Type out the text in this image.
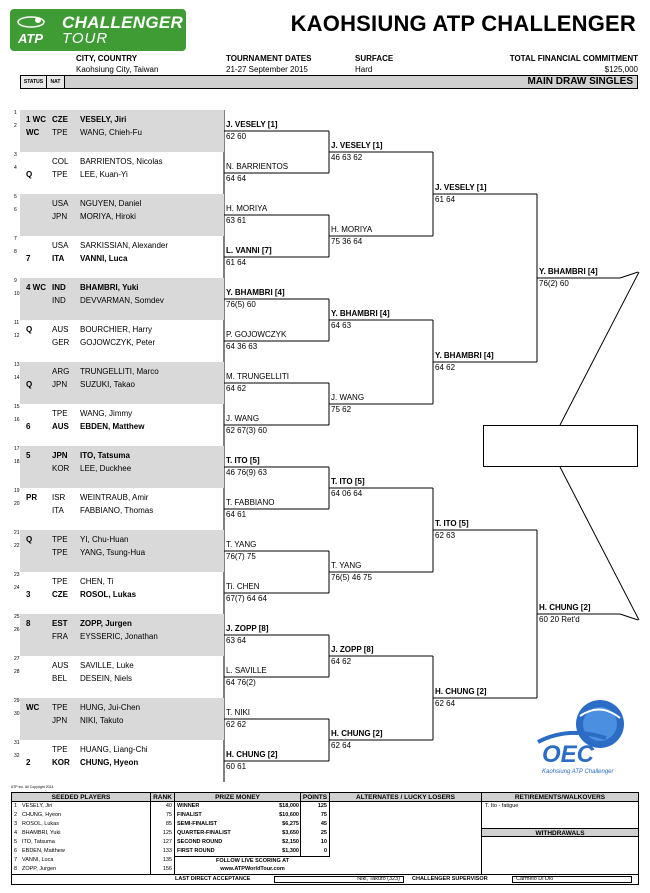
ATP
CHALLENGER
TOUR
KAOHSIUNG ATP CHALLENGER
CITY, COUNTRY
Kaohsiung City, Taiwan
TOURNAMENT DATES
21-27 September 2015
SURFACE
Hard
TOTAL FINANCIAL COMMITMENT
$125,000
STATUS	NAT	MAIN DRAW SINGLES
1
1 WC CZE VESELY, Jiri
2
WC	TPE WANG, Chieh-Fu
3
COL BARRIENTOS, Nicolas
4
Q	TPE LEE, Kuan-Yi
5
USA NGUYEN, Daniel
6
JPN MORIYA, Hiroki
7
USA SARKISSIAN, Alexander
8
7	ITA VANNI, Luca
9
4 WC IND BHAMBRI, Yuki
10
IND DEVVARMAN, Somdev
11
Q	AUS BOURCHIER, Harry
12
GER GOJOWCZYK, Peter
13
ARG TRUNGELLITI, Marco
14
Q	JPN SUZUKI, Takao
15
TPE WANG, Jimmy
16
6	AUS EBDEN, Matthew
17
5	JPN ITO, Tatsuma
18
KOR LEE, Duckhee
19
PR	ISR WEINTRAUB, Amir
20
ITA FABBIANO, Thomas
21
Q	TPE YI, Chu-Huan
22
TPE YANG, Tsung-Hua
23
TPE CHEN, Ti
24
3	CZE ROSOL, Lukas
25
8	EST ZOPP, Jurgen
26
FRA EYSSERIC, Jonathan
27
AUS SAVILLE, Luke
28
BEL DESEIN, Niels
29
WC	TPE HUNG, Jui-Chen
30
JPN NIKI, Takuto
31
TPE HUANG, Liang-Chi
32
2	KOR CHUNG, Hyeon
J. VESELY [1]
62 60
N. BARRIENTOS
64 64
H. MORIYA
63 61
L. VANNI [7]
61 64
Y. BHAMBRI [4]
76(5) 60
P. GOJOWCZYK
64 36 63
M. TRUNGELLITI
64 62
J. WANG
62 67(3) 60
T. ITO [5]
46 76(9) 63
T. FABBIANO
64 61
T. YANG
76(7) 75
Ti. CHEN
67(7) 64 64
J. ZOPP [8]
63 64
L. SAVILLE
64 76(2)
T. NIKI
62 62
H. CHUNG [2]
60 61
J. VESELY [1]
46 63 62
H. MORIYA
75 36 64
Y. BHAMBRI [4]
64 63
J. WANG
75 62
T. ITO [5]
64 06 64
T. YANG
76(5) 46 75
J. ZOPP [8]
64 62
H. CHUNG [2]
62 64
J. VESELY [1]
61 64
Y. BHAMBRI [4]
64 62
T. ITO [5]
62 63
H. CHUNG [2]
62 64
Y. BHAMBRI [4]
76(2) 60
H. CHUNG [2]
60 20 Ret'd
OEC
Kaohsiung ATP Challenger
ATP Inc. All Copyright 2014
SEEDED PLAYERS	RANK	PRIZE MONEY	POINTS	ALTERNATES / LUCKY LOSERS	RETIREMENTS/WALKOVERS
T. Ito - fatigue
WITHDRAWALS
1 VESELY, Jiri	40
2 CHUNG, Hyeon	75
3 ROSOL, Lukas	85
4 BHAMBRI, Yuki	125
5 ITO, Tatsuma	127
6 EBDEN, Matthew	133
7 VANNI, Luca	135
8 ZOPP, Jurgen	156
WINNER	$18,000	125
FINALIST	$10,600	75
SEMI-FINALIST	$6,275	45
QUARTER-FINALIST	$3,650	25
SECOND ROUND	$2,150	10
FIRST ROUND	$1,300	0
FOLLOW LIVE SCORING AT
www.ATPWorldTour.com
LAST DIRECT ACCEPTANCE	Niki, Takuto (323) CHALLENGER SUPERVISOR	Carmelo Di Dio
